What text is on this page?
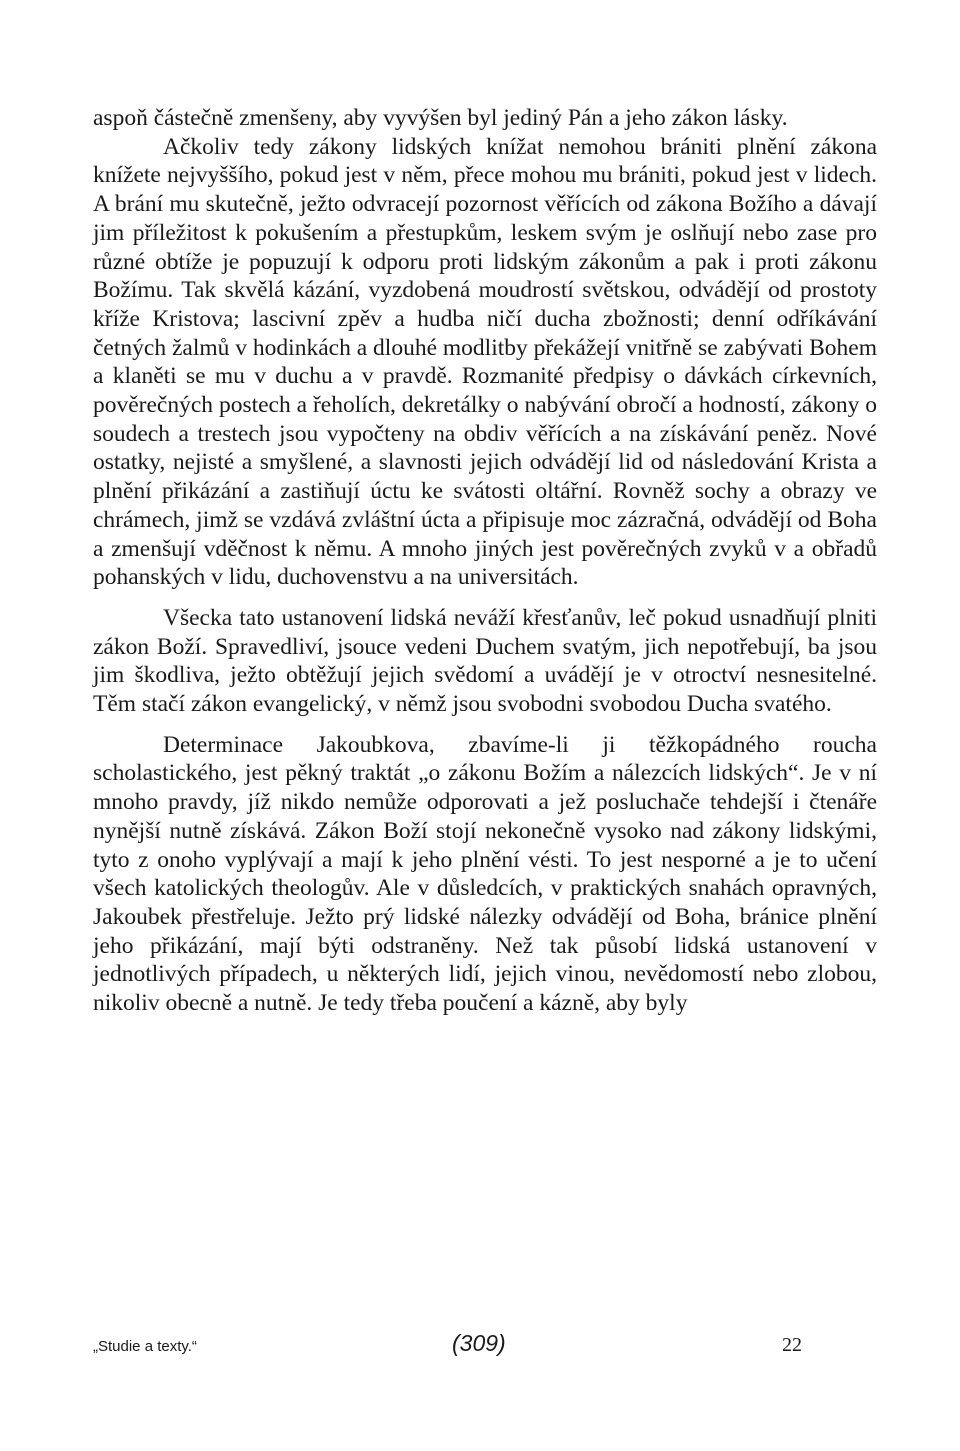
aspoň částečně zmenšeny, aby vyvýšen byl jediný Pán a jeho zákon lásky.

Ačkoliv tedy zákony lidských knížat nemohou brániti plnění zákona knížete nejvyššího, pokud jest v něm, přece mohou mu brániti, pokud jest v lidech. A brání mu skutečně, ježto odvracejí pozornost věřících od zákona Božího a dávají jim příležitost k pokušením a přestupkům, leskem svým je oslňují nebo zase pro různé obtíže je popuzují k odporu proti lidským zákonům a pak i proti zákonu Božímu. Tak skvělá kázání, vyzdobená moudrostí světskou, odvádějí od prostoty kříže Kristova; lascivní zpěv a hudba ničí ducha zbožnosti; denní odříkávání četných žalmů v hodinkách a dlouhé modlitby překážejí vnitřně se zabývati Bohem a klaněti se mu v duchu a v pravdě. Rozmanité předpisy o dávkách církevních, pověrečných postech a řeholích, dekretálky o nabývání obročí a hodností, zákony o soudech a trestech jsou vypočteny na obdiv věřících a na získávání peněz. Nové ostatky, nejisté a smyšlené, a slavnosti jejich odvádějí lid od následování Krista a plnění přikázání a zastiňují úctu ke svátosti oltářní. Rovněž sochy a obrazy ve chrámech, jimž se vzdává zvláštní úcta a připisuje moc zázračná, odvádějí od Boha a zmenšují vděčnost k němu. A mnoho jiných jest pověrečných zvyků v a obřadů pohanských v lidu, duchovenstvu a na universitách.

Všecka tato ustanovení lidská neváží křesťanův, leč pokud usnadňují plniti zákon Boží. Spravedliví, jsouce vedeni Duchem svatým, jich nepotřebují, ba jsou jim škodliva, ježto obtěžují jejich svědomí a uvádějí je v otroctví nesnesitelné. Těm stačí zákon evangelický, v němž jsou svobodni svobodou Ducha svatého.

Determinace Jakoubkova, zbavíme-li ji těžkopádného roucha scholastického, jest pěkný traktát „o zákonu Božím a nálezcích lidských“. Je v ní mnoho pravdy, jíž nikdo nemůže odporovati a jež posluchače tehdejší i čtenáře nynější nutně získává. Zákon Boží stojí nekonečně vysoko nad zákony lidskými, tyto z onoho vyplývají a mají k jeho plnění vésti. To jest nesporné a je to učení všech katolických theologův. Ale v důsledcích, v praktických snahách opravných, Jakoubek přestřeluje. Ježto prý lidské nálezky odvádějí od Boha, bránice plnění jeho přikázání, mají býti odstraněny. Než tak působí lidská ustanovení v jednotlivých případech, u některých lidí, jejich vinou, nevědomostí nebo zlobou, nikoliv obecně a nutně. Je tedy třeba poučení a kázně, aby byly

„Studie a texty.“	(309)	22
